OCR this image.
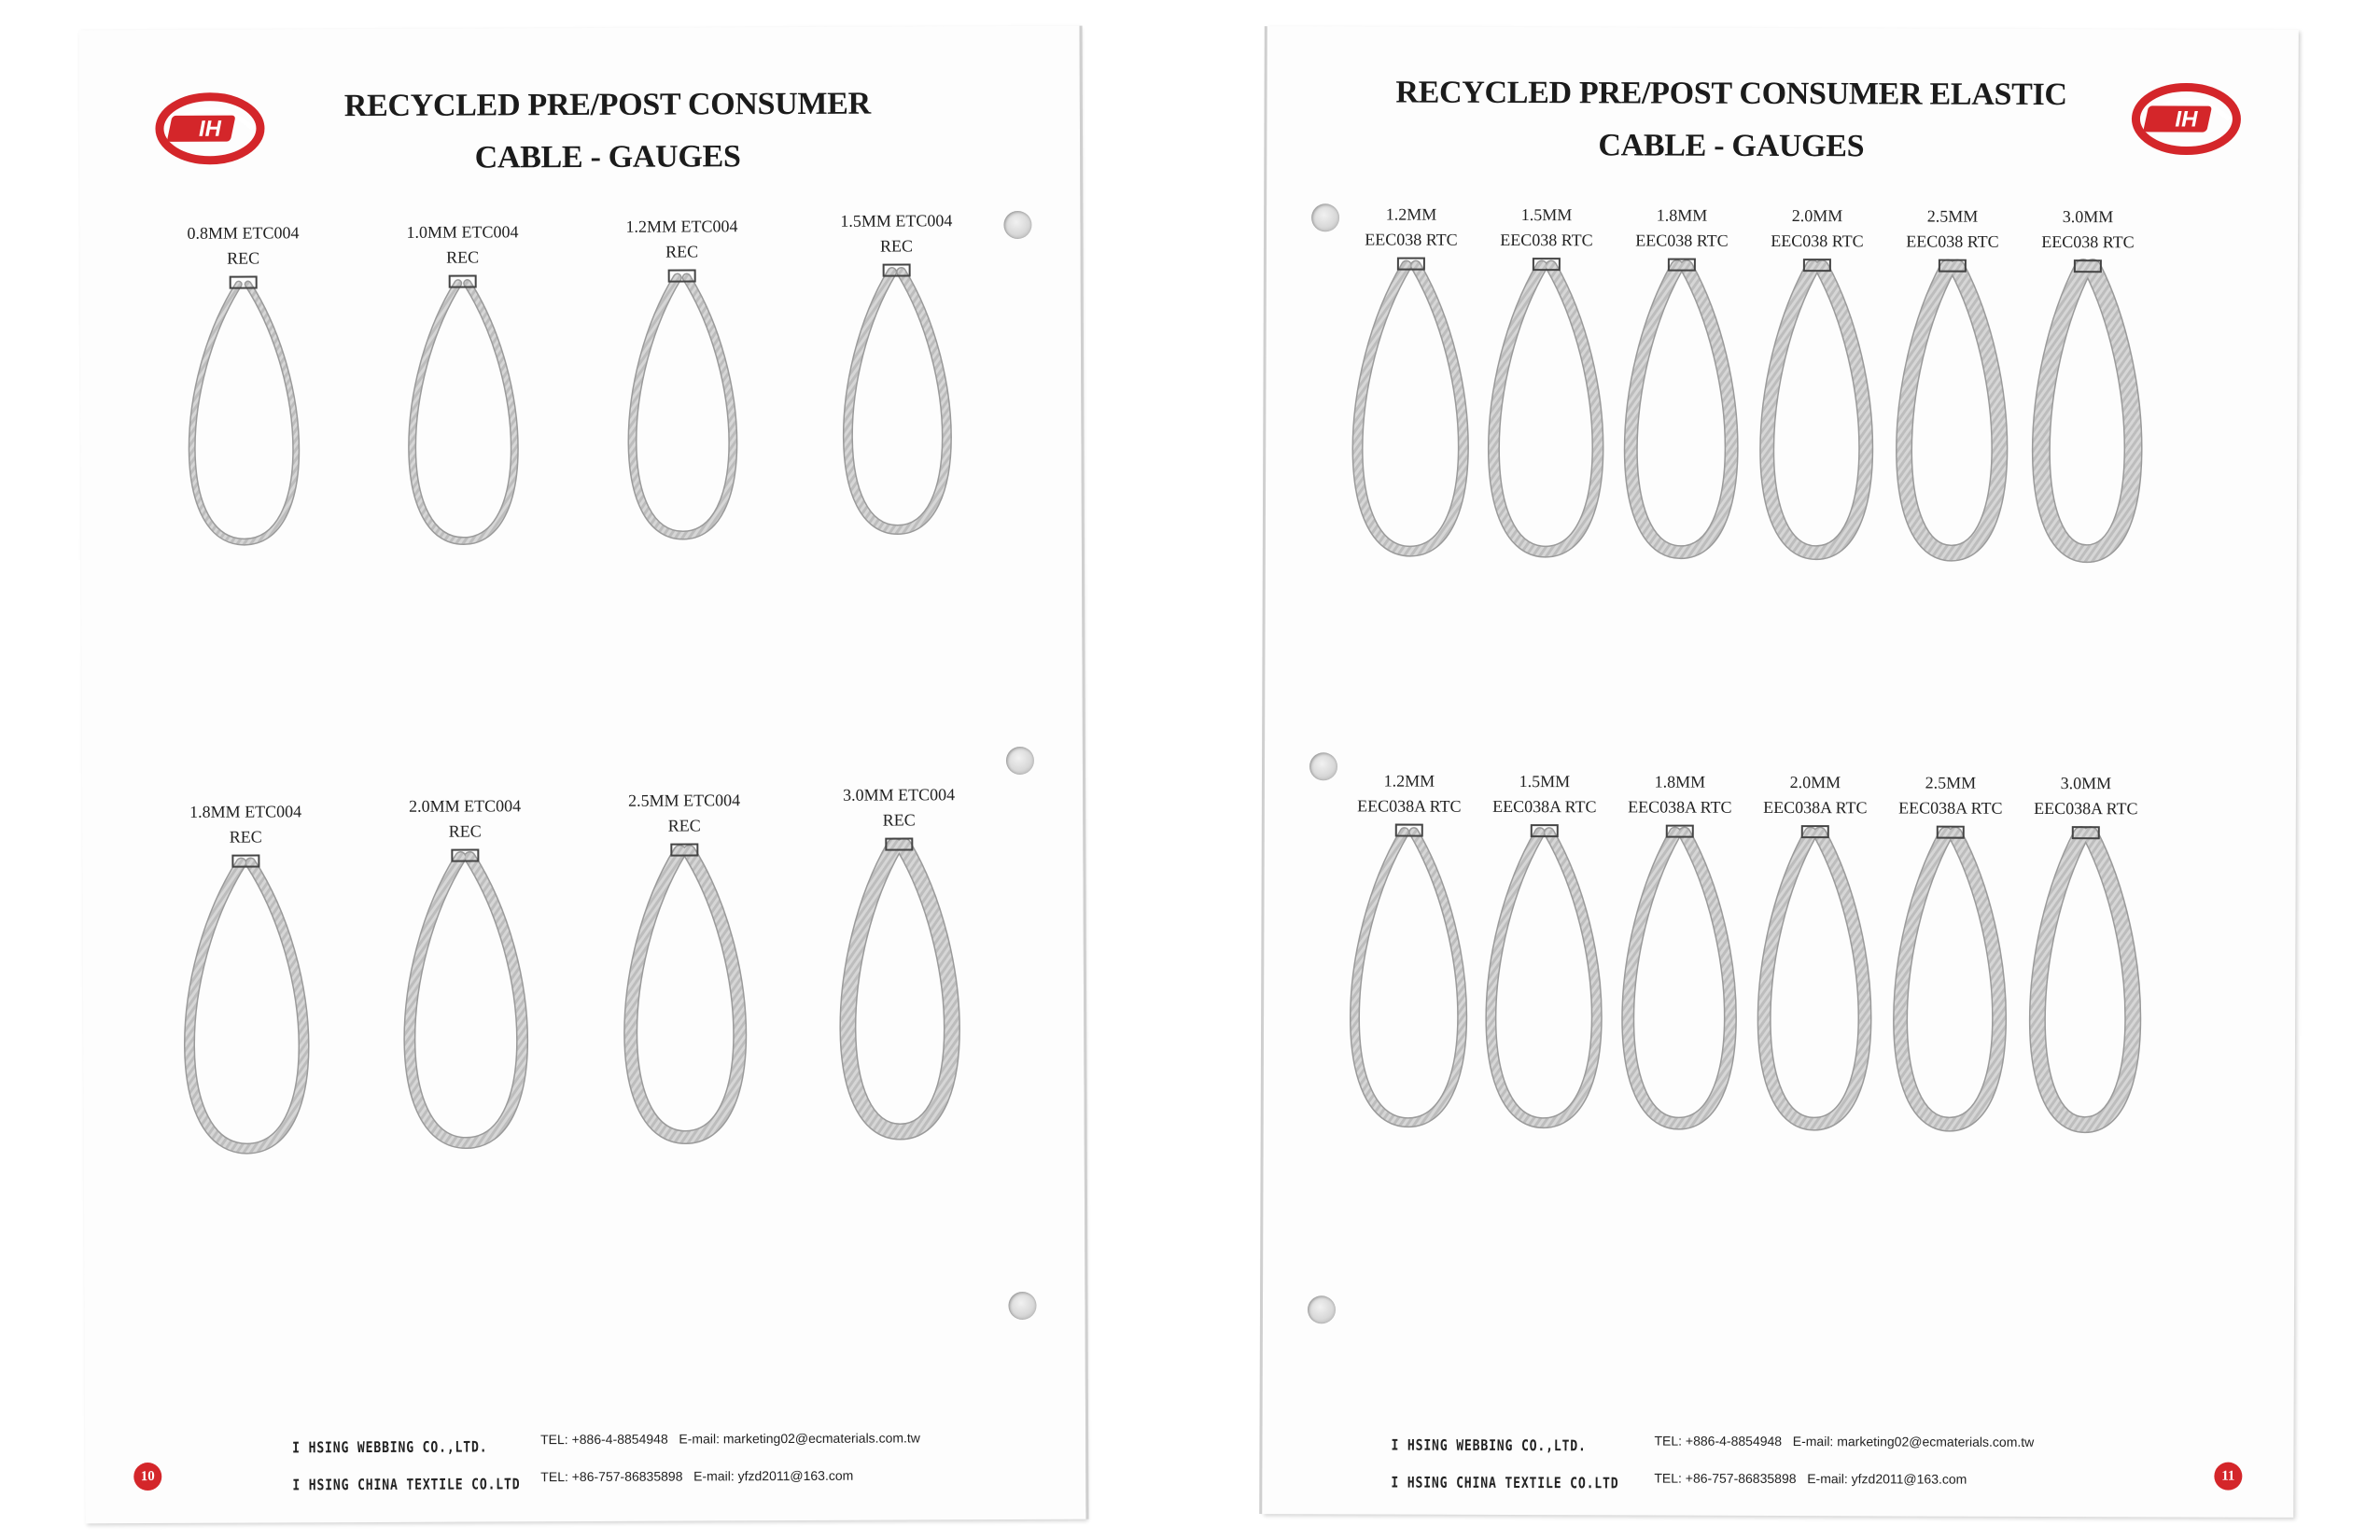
IH
RECYCLED PRE/POST CONSUMER
CABLE - GAUGES
0.8MM ETC004
REC
1.8MM ETC004
REC
1.0MM ETC004
REC
2.0MM ETC004
REC
1.2MM ETC004
REC
2.5MM ETC004
REC
1.5MM ETC004
REC
3.0MM ETC004
REC
I HSING WEBBING CO.,LTD.
I HSING CHINA TEXTILE CO.LTD
TEL: +886-4-8854948 E-mail: marketing02@ecmaterials.com.tw
TEL: +86-757-86835898 E-mail: yfzd2011@163.com
10
RECYCLED PRE/POST CONSUMER ELASTIC
CABLE - GAUGES
IH
1.2MM
EEC038 RTC
1.2MM
EEC038A RTC
1.5MM
EEC038 RTC
1.5MM
EEC038A RTC
1.8MM
EEC038 RTC
1.8MM
EEC038A RTC
2.0MM
EEC038 RTC
2.0MM
EEC038A RTC
2.5MM
EEC038 RTC
2.5MM
EEC038A RTC
3.0MM
EEC038 RTC
3.0MM
EEC038A RTC
I HSING WEBBING CO.,LTD.
I HSING CHINA TEXTILE CO.LTD
TEL: +886-4-8854948 E-mail: marketing02@ecmaterials.com.tw
TEL: +86-757-86835898 E-mail: yfzd2011@163.com	11
